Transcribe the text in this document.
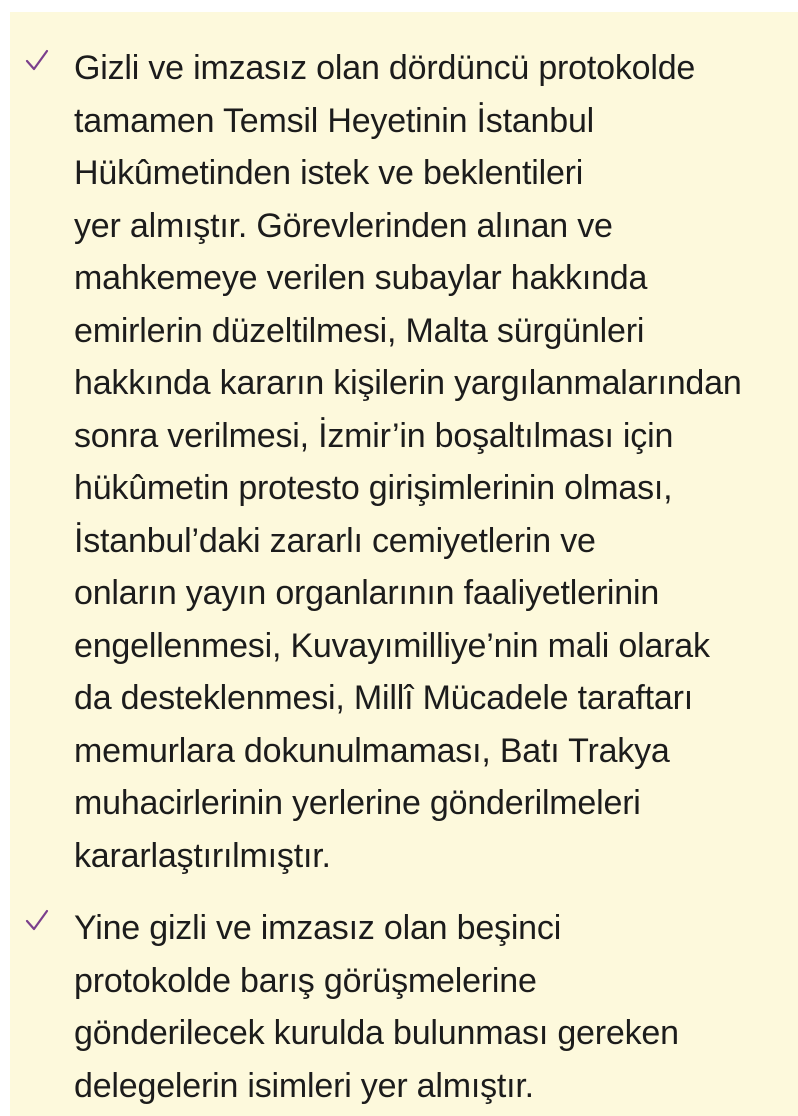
Gizli ve imzasız olan dördüncü protokolde
tamamen Temsil Heyetinin İstanbul
Hükûmetinden istek ve beklentileri
yer almıştır. Görevlerinden alınan ve
mahkemeye verilen subaylar hakkında
emirlerin düzeltilmesi, Malta sürgünleri
hakkında kararın kişilerin yargılanmalarından
sonra verilmesi, İzmir’in boşaltılması için
hükûmetin protesto girişimlerinin olması,
İstanbul’daki zararlı cemiyetlerin ve
onların yayın organlarının faaliyetlerinin
engellenmesi, Kuvayımilliye’nin mali olarak
da desteklenmesi, Millî Mücadele taraftarı
memurlara dokunulmaması, Batı Trakya
muhacirlerinin yerlerine gönderilmeleri
kararlaştırılmıştır.
Yine gizli ve imzasız olan beşinci
protokolde barış görüşmelerine
gönderilecek kurulda bulunması gereken
delegelerin isimleri yer almıştır.
